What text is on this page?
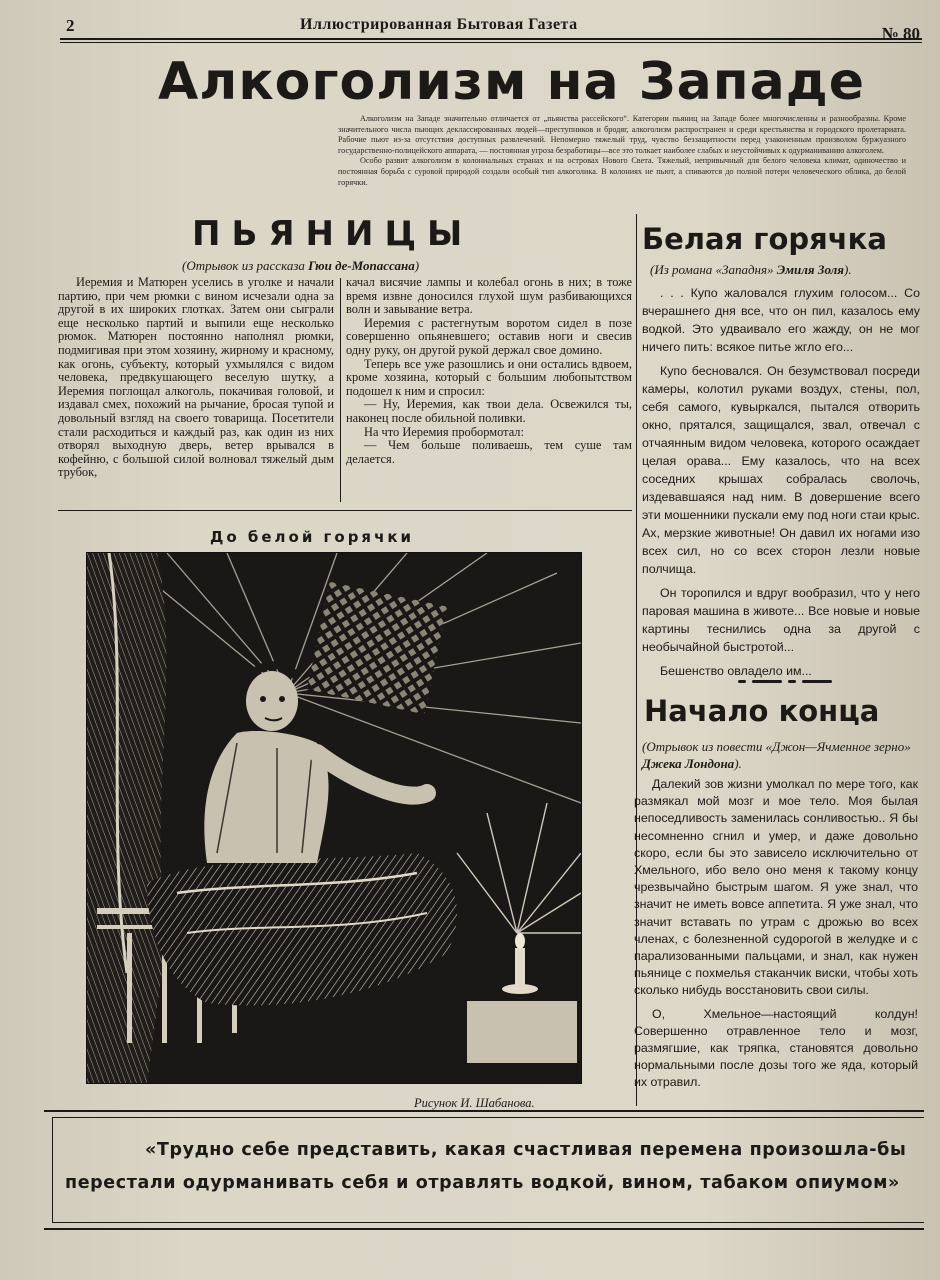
2	Иллюстрированная Бытовая Газета	№ 80
Алкоголизм на Западе

Алкоголизм на Западе значительно отличается от „пьянства рассейского“. Категории пьяниц на Западе более многочисленны и разнообразны. Кроме значительного числа пьющих деклассированных людей—преступников и бродяг, алкоголизм распространен и среди крестьянства и городского пролетариата. Рабочие пьют из-за отсутствия доступных развлечений. Непомерно тяжелый труд, чувство беззащитности перед узаконенным произволом буржуазного государственно-полицейского аппарата, — постоянная угроза безработицы—все это толкает наиболее слабых и неустойчивых к одурманиванию алкоголем.

Особо развит алкоголизм в колониальных странах и на островах Нового Света. Тяжелый, непривычный для белого человека климат, одиночество и постоянная борьба с суровой природой создали особый тип алкоголика. В колониях не пьют, а спиваются до полной потери человеческого облика, до белой горячки.

ПЬЯНИЦЫ
(Отрывок из рассказа Гюи де-Мопассана)

Иеремия и Матюрен уселись в уголке и начали партию, при чем рюмки с вином исчезали одна за другой в их широких глотках. Затем они сыграли еще несколько партий и выпили еще несколько рюмок. Матюрен постоянно наполнял рюмки, подмигивая при этом хозяину, жирному и красному, как огонь, субъекту, который ухмылялся с видом человека, предвкушающего веселую шутку, а Иеремия поглощал алкоголь, покачивая головой, и издавал смех, похожий на рычание, бросая тупой и довольный взгляд на своего товарища. Посетители стали расходиться и каждый раз, как один из них отворял выходную дверь, ветер врывался в кофейню, с большой силой волновал тяжелый дым трубок,

качал висячие лампы и колебал огонь в них; в тоже время извне доносился глухой шум разбивающихся волн и завывание ветра.

Иеремия с растегнутым воротом сидел в позе совершенно опьяневшего; оставив ноги и свесив одну руку, он другой рукой держал свое домино.

Теперь все уже разошлись и они остались вдвоем, кроме хозяина, который с большим любопытством подошел к ним и спросил:

— Ну, Иеремия, как твои дела. Освежился ты, наконец после обильной поливки.

На что Иеремия пробормотал:

— Чем больше поливаешь, тем суше там делается.

До белой горячки
Рисунок И. Шабанова.
Белая горячка
(Из романа «Западня» Эмиля Золя).

. . . Купо жаловался глухим голосом... Со вчерашнего дня все, что он пил, казалось ему водкой. Это удваивало его жажду, он не мог ничего пить: всякое питье жгло его...

Купо бесновался. Он безумствовал посреди камеры, колотил руками воздух, стены, пол, себя самого, кувыркался, пытался отворить окно, прятался, защищался, звал, отвечал с отчаянным видом человека, которого осаждает целая орава... Ему казалось, что на всех соседних крышах собралась сволочь, издевавшаяся над ним. В довершение всего эти мошенники пускали ему под ноги стаи крыс. Ах, мерзкие животные! Он давил их ногами изо всех сил, но со всех сторон лезли новые полчища.

Он торопился и вдруг вообразил, что у него паровая машина в животе... Все новые и новые картины теснились одна за другой с необычайной быстротой...

Бешенство овладело им...

Начало конца
(Отрывок из повести «Джон—Ячменное зерно» Джека Лондона).

Далекий зов жизни умолкал по мере того, как размякал мой мозг и мое тело. Моя былая непоседливость заменилась сонливостью.. Я бы несомненно сгнил и умер, и даже довольно скоро, если бы это зависело исключительно от Хмельного, ибо вело оно меня к такому концу чрезвычайно быстрым шагом. Я уже знал, что значит не иметь вовсе аппетита. Я уже знал, что значит вставать по утрам с дрожью во всех членах, с болезненной судорогой в желудке и с парализованными пальцами, и знал, как нужен пьянице с похмелья стаканчик виски, чтобы хоть сколько нибудь восстановить свои силы.

О, Хмельное—настоящий колдун! Совершенно отравленное тело и мозг, размягшие, как тряпка, становятся довольно нормальными после дозы того же яда, который их отравил.

«Трудно себе представить, какая счастливая перемена произошла-бы
перестали одурманивать себя и отравлять водкой, вином, табаком опиумом»
